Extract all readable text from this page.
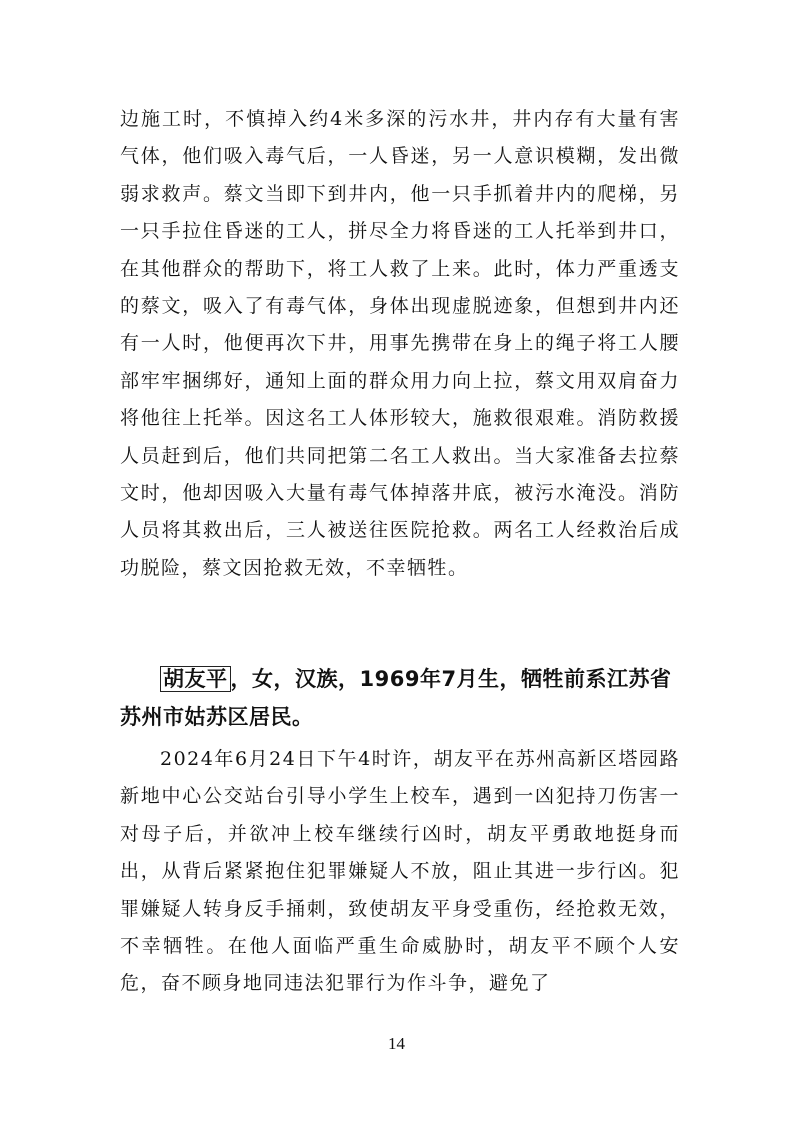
边施工时，不慎掉入约4米多深的污水井，井内存有大量有害气体，他们吸入毒气后，一人昏迷，另一人意识模糊，发出微弱求救声。蔡文当即下到井内，他一只手抓着井内的爬梯，另一只手拉住昏迷的工人，拼尽全力将昏迷的工人托举到井口，在其他群众的帮助下，将工人救了上来。此时，体力严重透支的蔡文，吸入了有毒气体，身体出现虚脱迹象，但想到井内还有一人时，他便再次下井，用事先携带在身上的绳子将工人腰部牢牢捆绑好，通知上面的群众用力向上拉，蔡文用双肩奋力将他往上托举。因这名工人体形较大，施救很艰难。消防救援人员赶到后，他们共同把第二名工人救出。当大家准备去拉蔡文时，他却因吸入大量有毒气体掉落井底，被污水淹没。消防人员将其救出后，三人被送往医院抢救。两名工人经救治后成功脱险，蔡文因抢救无效，不幸牺牲。

胡友平 ，女，汉族，1969年7月生，牺牲前系江苏省苏州市姑苏区居民。

2024年6月24日下午4时许，胡友平在苏州高新区塔园路新地中心公交站台引导小学生上校车，遇到一凶犯持刀伤害一对母子后，并欲冲上校车继续行凶时，胡友平勇敢地挺身而出，从背后紧紧抱住犯罪嫌疑人不放，阻止其进一步行凶。犯罪嫌疑人转身反手捅刺，致使胡友平身受重伤，经抢救无效，不幸牺牲。在他人面临严重生命威胁时，胡友平不顾个人安危，奋不顾身地同违法犯罪行为作斗争，避免了

14
